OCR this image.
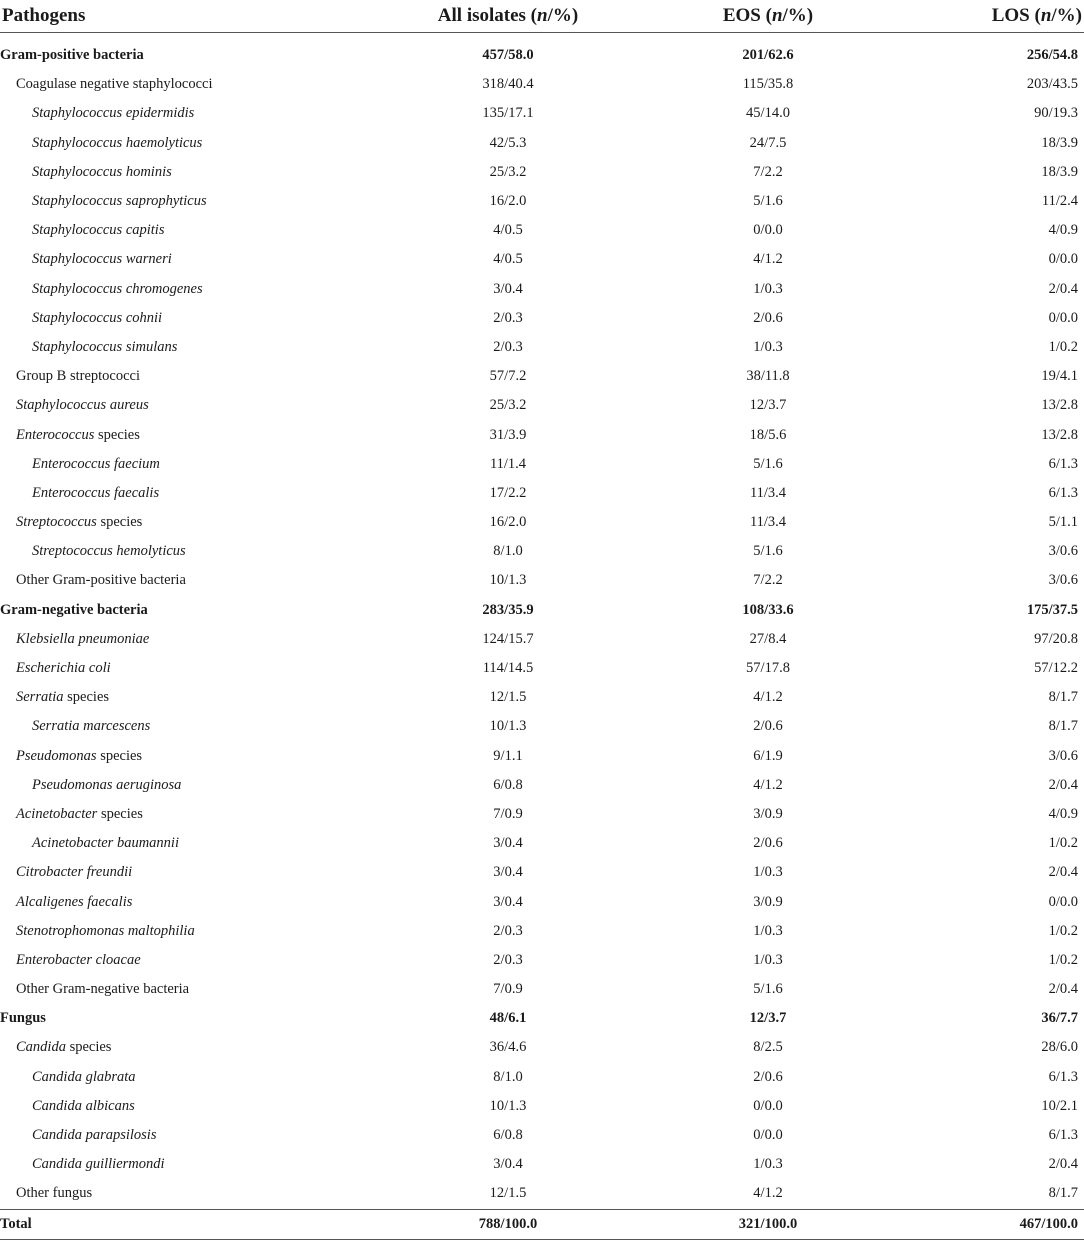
Pathogens	All isolates (n/%)	EOS (n/%)	LOS (n/%)

Gram-positive bacteria	457/58.0	201/62.6	256/54.8
Coagulase negative staphylococci	318/40.4	115/35.8	203/43.5
Staphylococcus epidermidis	135/17.1	45/14.0	90/19.3
Staphylococcus haemolyticus	42/5.3	24/7.5	18/3.9
Staphylococcus hominis	25/3.2	7/2.2	18/3.9
Staphylococcus saprophyticus	16/2.0	5/1.6	11/2.4
Staphylococcus capitis	4/0.5	0/0.0	4/0.9
Staphylococcus warneri	4/0.5	4/1.2	0/0.0
Staphylococcus chromogenes	3/0.4	1/0.3	2/0.4
Staphylococcus cohnii	2/0.3	2/0.6	0/0.0
Staphylococcus simulans	2/0.3	1/0.3	1/0.2
Group B streptococci	57/7.2	38/11.8	19/4.1
Staphylococcus aureus	25/3.2	12/3.7	13/2.8
Enterococcus species	31/3.9	18/5.6	13/2.8
Enterococcus faecium	11/1.4	5/1.6	6/1.3
Enterococcus faecalis	17/2.2	11/3.4	6/1.3
Streptococcus species	16/2.0	11/3.4	5/1.1
Streptococcus hemolyticus	8/1.0	5/1.6	3/0.6
Other Gram-positive bacteria	10/1.3	7/2.2	3/0.6
Gram-negative bacteria	283/35.9	108/33.6	175/37.5
Klebsiella pneumoniae	124/15.7	27/8.4	97/20.8
Escherichia coli	114/14.5	57/17.8	57/12.2
Serratia species	12/1.5	4/1.2	8/1.7
Serratia marcescens	10/1.3	2/0.6	8/1.7
Pseudomonas species	9/1.1	6/1.9	3/0.6
Pseudomonas aeruginosa	6/0.8	4/1.2	2/0.4
Acinetobacter species	7/0.9	3/0.9	4/0.9
Acinetobacter baumannii	3/0.4	2/0.6	1/0.2
Citrobacter freundii	3/0.4	1/0.3	2/0.4
Alcaligenes faecalis	3/0.4	3/0.9	0/0.0
Stenotrophomonas maltophilia	2/0.3	1/0.3	1/0.2
Enterobacter cloacae	2/0.3	1/0.3	1/0.2
Other Gram-negative bacteria	7/0.9	5/1.6	2/0.4
Fungus	48/6.1	12/3.7	36/7.7
Candida species	36/4.6	8/2.5	28/6.0
Candida glabrata	8/1.0	2/0.6	6/1.3
Candida albicans	10/1.3	0/0.0	10/2.1
Candida parapsilosis	6/0.8	0/0.0	6/1.3
Candida guilliermondi	3/0.4	1/0.3	2/0.4
Other fungus	12/1.5	4/1.2	8/1.7
Total	788/100.0	321/100.0	467/100.0
